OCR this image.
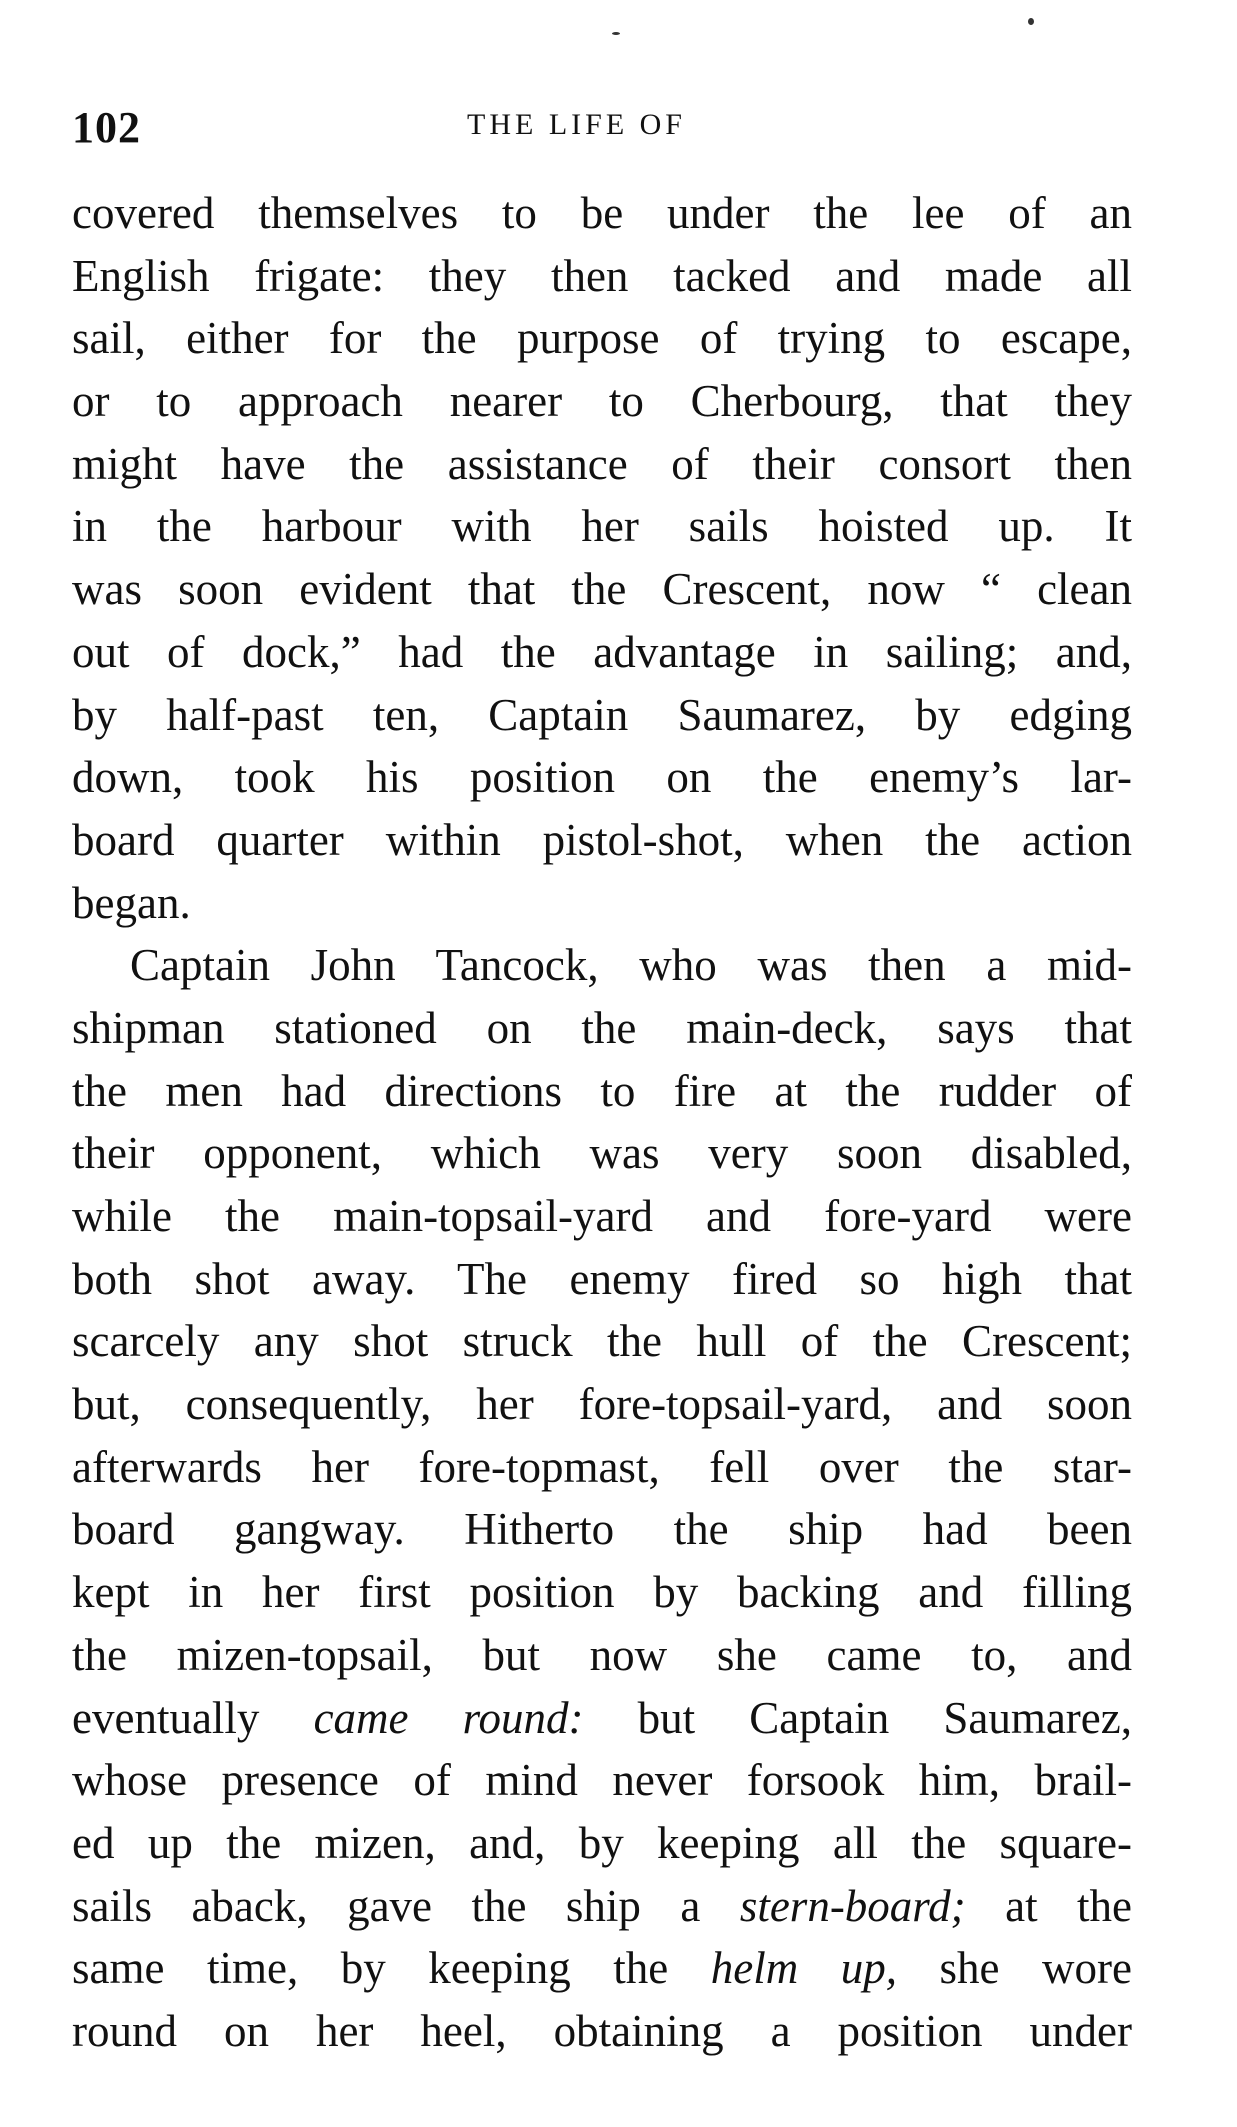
102	THE LIFE OF
covered themselves to be under the lee of an
English frigate: they then tacked and made all
sail, either for the purpose of trying to escape,
or to approach nearer to Cherbourg, that they
might have the assistance of their consort then
in the harbour with her sails hoisted up. It
was soon evident that the Crescent, now “ clean
out of dock,” had the advantage in sailing; and,
by half-past ten, Captain Saumarez, by edging
down, took his position on the enemy’s lar-
board quarter within pistol-shot, when the action
began.
Captain John Tancock, who was then a mid-
shipman stationed on the main-deck, says that
the men had directions to fire at the rudder of
their opponent, which was very soon disabled,
while the main-topsail-yard and fore-yard were
both shot away. The enemy fired so high that
scarcely any shot struck the hull of the Crescent;
but, consequently, her fore-topsail-yard, and soon
afterwards her fore-topmast, fell over the star-
board gangway. Hitherto the ship had been
kept in her first position by backing and filling
the mizen-topsail, but now she came to, and
eventually came round: but Captain Saumarez,
whose presence of mind never forsook him, brail-
ed up the mizen, and, by keeping all the square-
sails aback, gave the ship a stern-board; at the
same time, by keeping the helm up, she wore
round on her heel, obtaining a position under
